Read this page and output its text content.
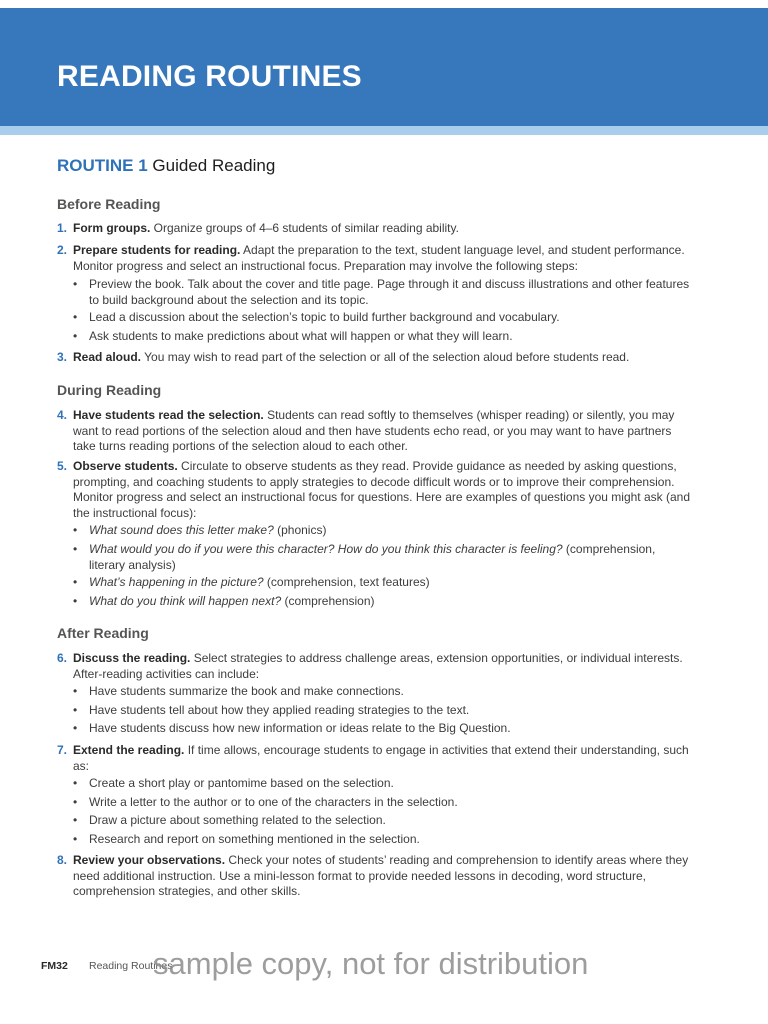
READING ROUTINES
ROUTINE 1 Guided Reading
Before Reading
1. Form groups. Organize groups of 4–6 students of similar reading ability.
2. Prepare students for reading. Adapt the preparation to the text, student language level, and student performance. Monitor progress and select an instructional focus. Preparation may involve the following steps:
• Preview the book. Talk about the cover and title page. Page through it and discuss illustrations and other features to build background about the selection and its topic.
• Lead a discussion about the selection’s topic to build further background and vocabulary.
• Ask students to make predictions about what will happen or what they will learn.
3. Read aloud. You may wish to read part of the selection or all of the selection aloud before students read.
During Reading
4. Have students read the selection. Students can read softly to themselves (whisper reading) or silently, you may want to read portions of the selection aloud and then have students echo read, or you may want to have partners take turns reading portions of the selection aloud to each other.
5. Observe students. Circulate to observe students as they read. Provide guidance as needed by asking questions, prompting, and coaching students to apply strategies to decode difficult words or to improve their comprehension. Monitor progress and select an instructional focus for questions. Here are examples of questions you might ask (and the instructional focus):
• What sound does this letter make? (phonics)
• What would you do if you were this character? How do you think this character is feeling? (comprehension, literary analysis)
• What’s happening in the picture? (comprehension, text features)
• What do you think will happen next? (comprehension)
After Reading
6. Discuss the reading. Select strategies to address challenge areas, extension opportunities, or individual interests. After-reading activities can include:
• Have students summarize the book and make connections.
• Have students tell about how they applied reading strategies to the text.
• Have students discuss how new information or ideas relate to the Big Question.
7. Extend the reading. If time allows, encourage students to engage in activities that extend their understanding, such as:
• Create a short play or pantomime based on the selection.
• Write a letter to the author or to one of the characters in the selection.
• Draw a picture about something related to the selection.
• Research and report on something mentioned in the selection.
8. Review your observations. Check your notes of students’ reading and comprehension to identify areas where they need additional instruction. Use a mini-lesson format to provide needed lessons in decoding, word structure, comprehension strategies, and other skills.
FM32 Reading Routines
sample copy, not for distribution
